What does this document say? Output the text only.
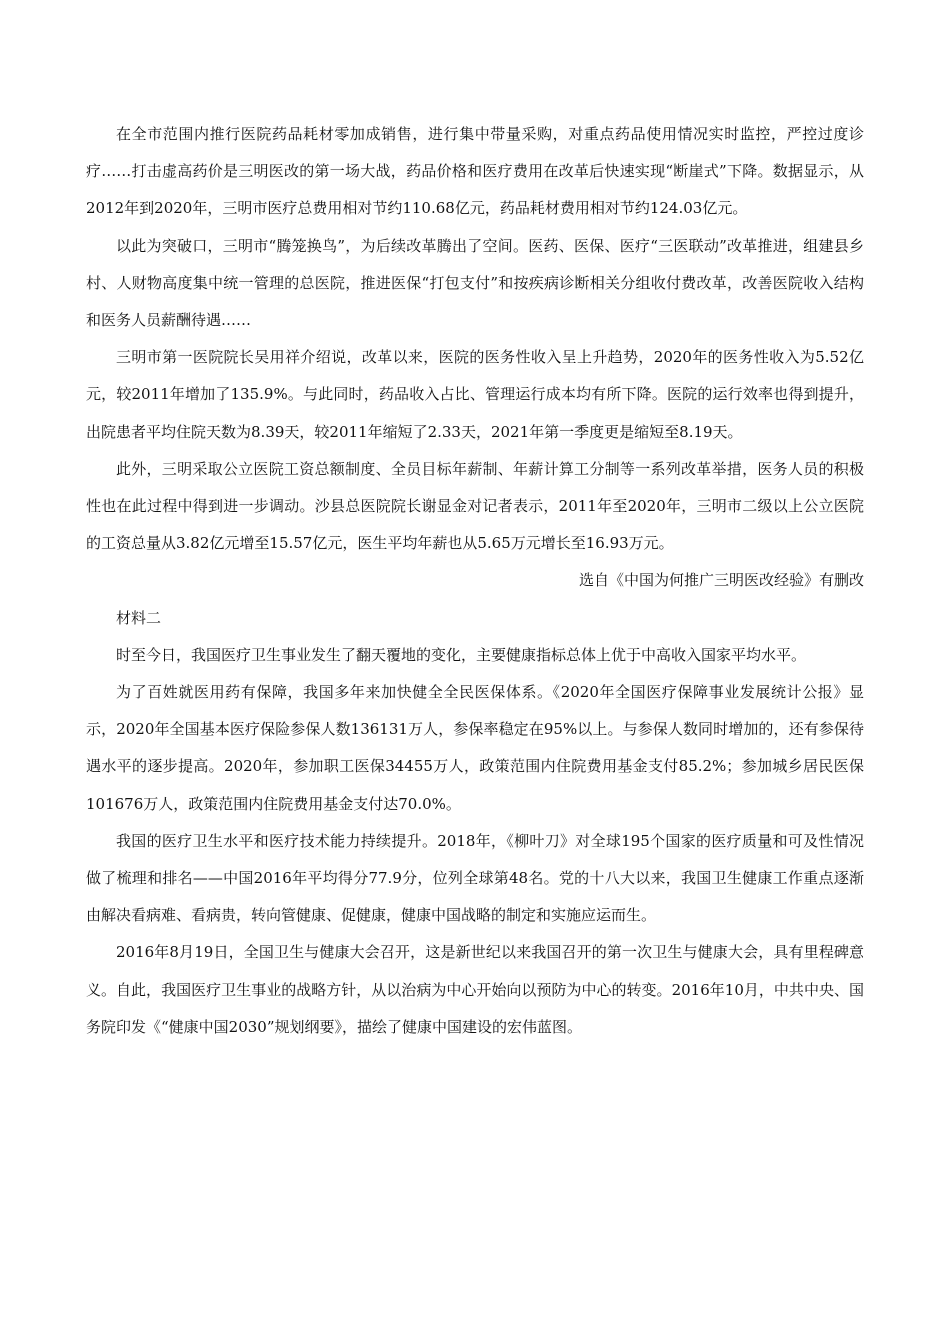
在全市范围内推行医院药品耗材零加成销售，进行集中带量采购，对重点药品使用情况实时监控，严控过度诊疗……打击虚高药价是三明医改的第一场大战，药品价格和医疗费用在改革后快速实现“断崖式”下降。数据显示，从2012年到2020年，三明市医疗总费用相对节约110.68亿元，药品耗材费用相对节约124.03亿元。

以此为突破口，三明市“腾笼换鸟”，为后续改革腾出了空间。医药、医保、医疗“三医联动”改革推进，组建县乡村、人财物高度集中统一管理的总医院，推进医保“打包支付”和按疾病诊断相关分组收付费改革，改善医院收入结构和医务人员薪酬待遇……

三明市第一医院院长吴用祥介绍说，改革以来，医院的医务性收入呈上升趋势，2020年的医务性收入为5.52亿元，较2011年增加了135.9%。与此同时，药品收入占比、管理运行成本均有所下降。医院的运行效率也得到提升，出院患者平均住院天数为8.39天，较2011年缩短了2.33天，2021年第一季度更是缩短至8.19天。

此外，三明采取公立医院工资总额制度、全员目标年薪制、年薪计算工分制等一系列改革举措，医务人员的积极性也在此过程中得到进一步调动。沙县总医院院长谢显金对记者表示，2011年至2020年，三明市二级以上公立医院的工资总量从3.82亿元增至15.57亿元，医生平均年薪也从5.65万元增长至16.93万元。

选自《中国为何推广三明医改经验》有删改

材料二

时至今日，我国医疗卫生事业发生了翻天覆地的变化，主要健康指标总体上优于中高收入国家平均水平。

为了百姓就医用药有保障，我国多年来加快健全全民医保体系。《2020年全国医疗保障事业发展统计公报》显示，2020年全国基本医疗保险参保人数136131万人，参保率稳定在95%以上。与参保人数同时增加的，还有参保待遇水平的逐步提高。2020年，参加职工医保34455万人，政策范围内住院费用基金支付85.2%；参加城乡居民医保101676万人，政策范围内住院费用基金支付达70.0%。

我国的医疗卫生水平和医疗技术能力持续提升。2018年，《柳叶刀》对全球195个国家的医疗质量和可及性情况做了梳理和排名——中国2016年平均得分77.9分，位列全球第48名。党的十八大以来，我国卫生健康工作重点逐渐由解决看病难、看病贵，转向管健康、促健康，健康中国战略的制定和实施应运而生。

2016年8月19日，全国卫生与健康大会召开，这是新世纪以来我国召开的第一次卫生与健康大会，具有里程碑意义。自此，我国医疗卫生事业的战略方针，从以治病为中心开始向以预防为中心的转变。2016年10月，中共中央、国务院印发《“健康中国2030”规划纲要》，描绘了健康中国建设的宏伟蓝图。
